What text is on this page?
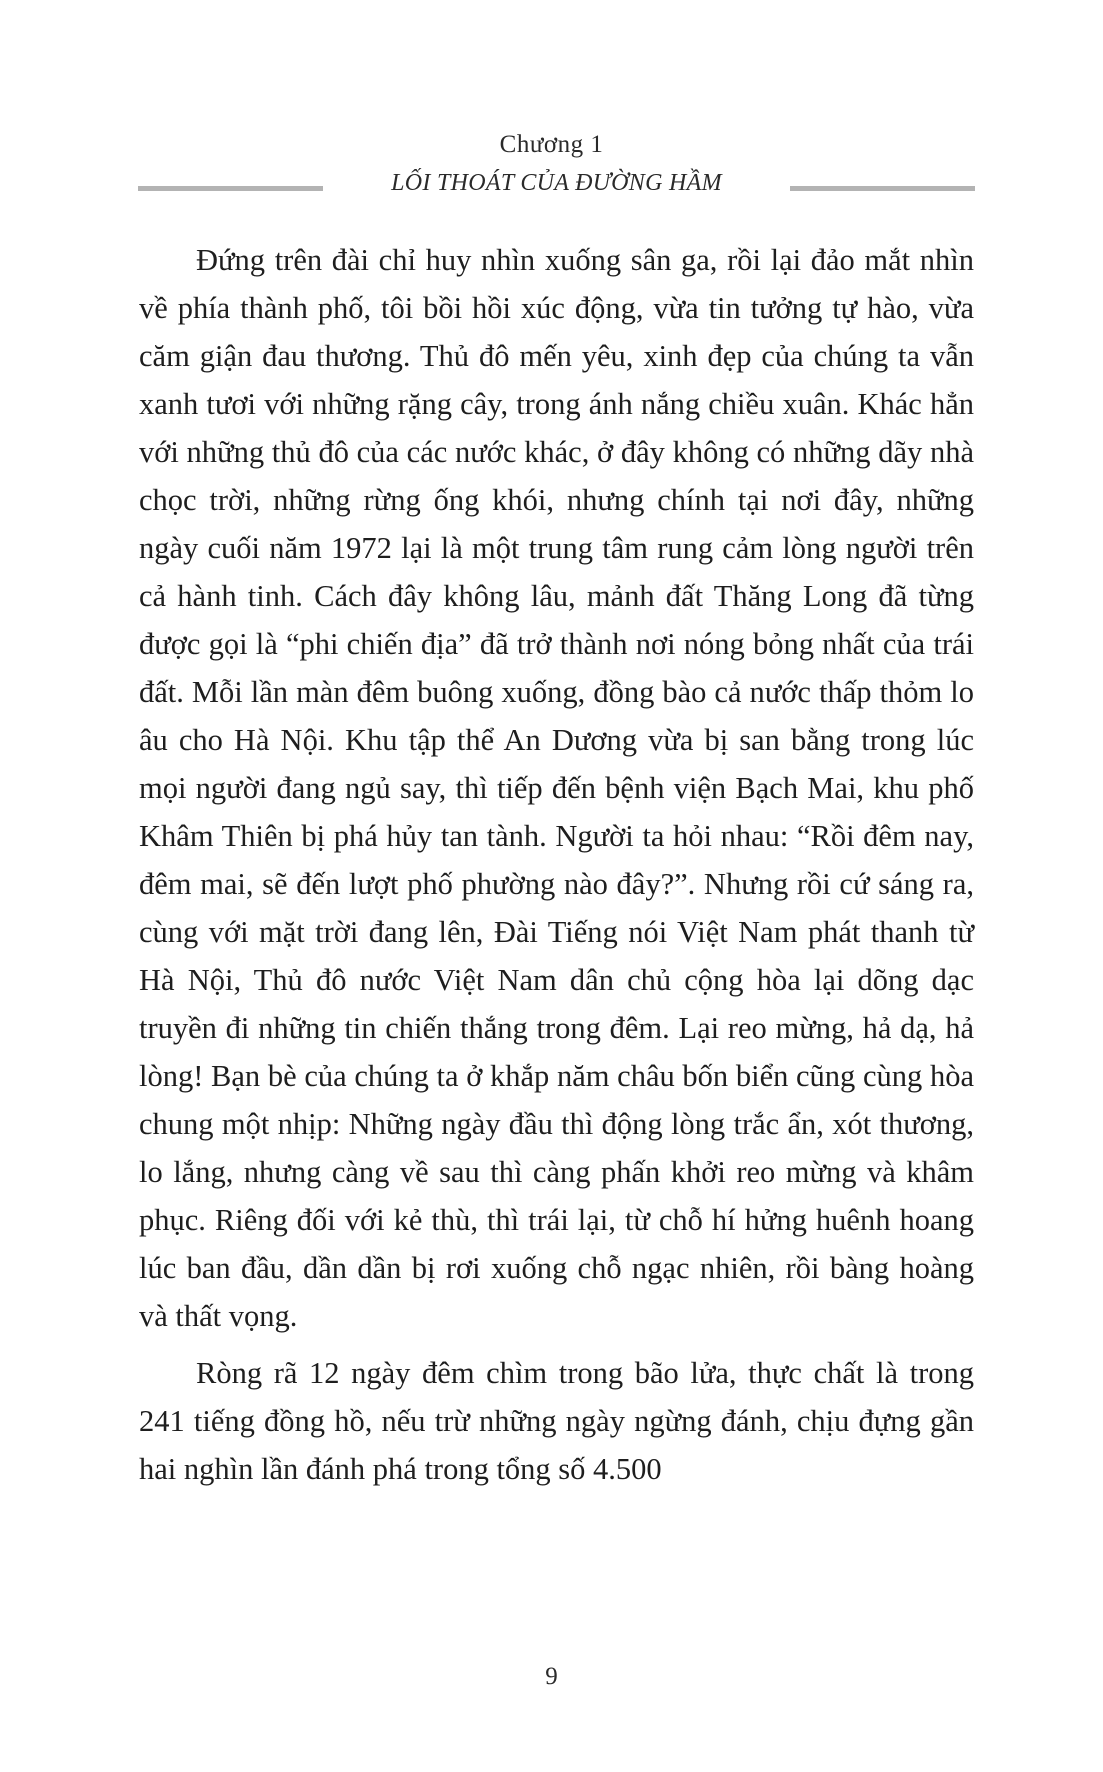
Chương 1
LỐI THOÁT CỦA ĐƯỜNG HẦM

Đứng trên đài chỉ huy nhìn xuống sân ga, rồi lại đảo mắt nhìn về phía thành phố, tôi bồi hồi xúc động, vừa tin tưởng tự hào, vừa căm giận đau thương. Thủ đô mến yêu, xinh đẹp của chúng ta vẫn xanh tươi với những rặng cây, trong ánh nắng chiều xuân. Khác hẳn với những thủ đô của các nước khác, ở đây không có những dãy nhà chọc trời, những rừng ống khói, nhưng chính tại nơi đây, những ngày cuối năm 1972 lại là một trung tâm rung cảm lòng người trên cả hành tinh. Cách đây không lâu, mảnh đất Thăng Long đã từng được gọi là “phi chiến địa” đã trở thành nơi nóng bỏng nhất của trái đất. Mỗi lần màn đêm buông xuống, đồng bào cả nước thấp thỏm lo âu cho Hà Nội. Khu tập thể An Dương vừa bị san bằng trong lúc mọi người đang ngủ say, thì tiếp đến bệnh viện Bạch Mai, khu phố Khâm Thiên bị phá hủy tan tành. Người ta hỏi nhau: “Rồi đêm nay, đêm mai, sẽ đến lượt phố phường nào đây?”. Nhưng rồi cứ sáng ra, cùng với mặt trời đang lên, Đài Tiếng nói Việt Nam phát thanh từ Hà Nội, Thủ đô nước Việt Nam dân chủ cộng hòa lại dõng dạc truyền đi những tin chiến thắng trong đêm. Lại reo mừng, hả dạ, hả lòng! Bạn bè của chúng ta ở khắp năm châu bốn biển cũng cùng hòa chung một nhịp: Những ngày đầu thì động lòng trắc ẩn, xót thương, lo lắng, nhưng càng về sau thì càng phấn khởi reo mừng và khâm phục. Riêng đối với kẻ thù, thì trái lại, từ chỗ hí hửng huênh hoang lúc ban đầu, dần dần bị rơi xuống chỗ ngạc nhiên, rồi bàng hoàng và thất vọng.

Ròng rã 12 ngày đêm chìm trong bão lửa, thực chất là trong 241 tiếng đồng hồ, nếu trừ những ngày ngừng đánh, chịu đựng gần hai nghìn lần đánh phá trong tổng số 4.500

9
